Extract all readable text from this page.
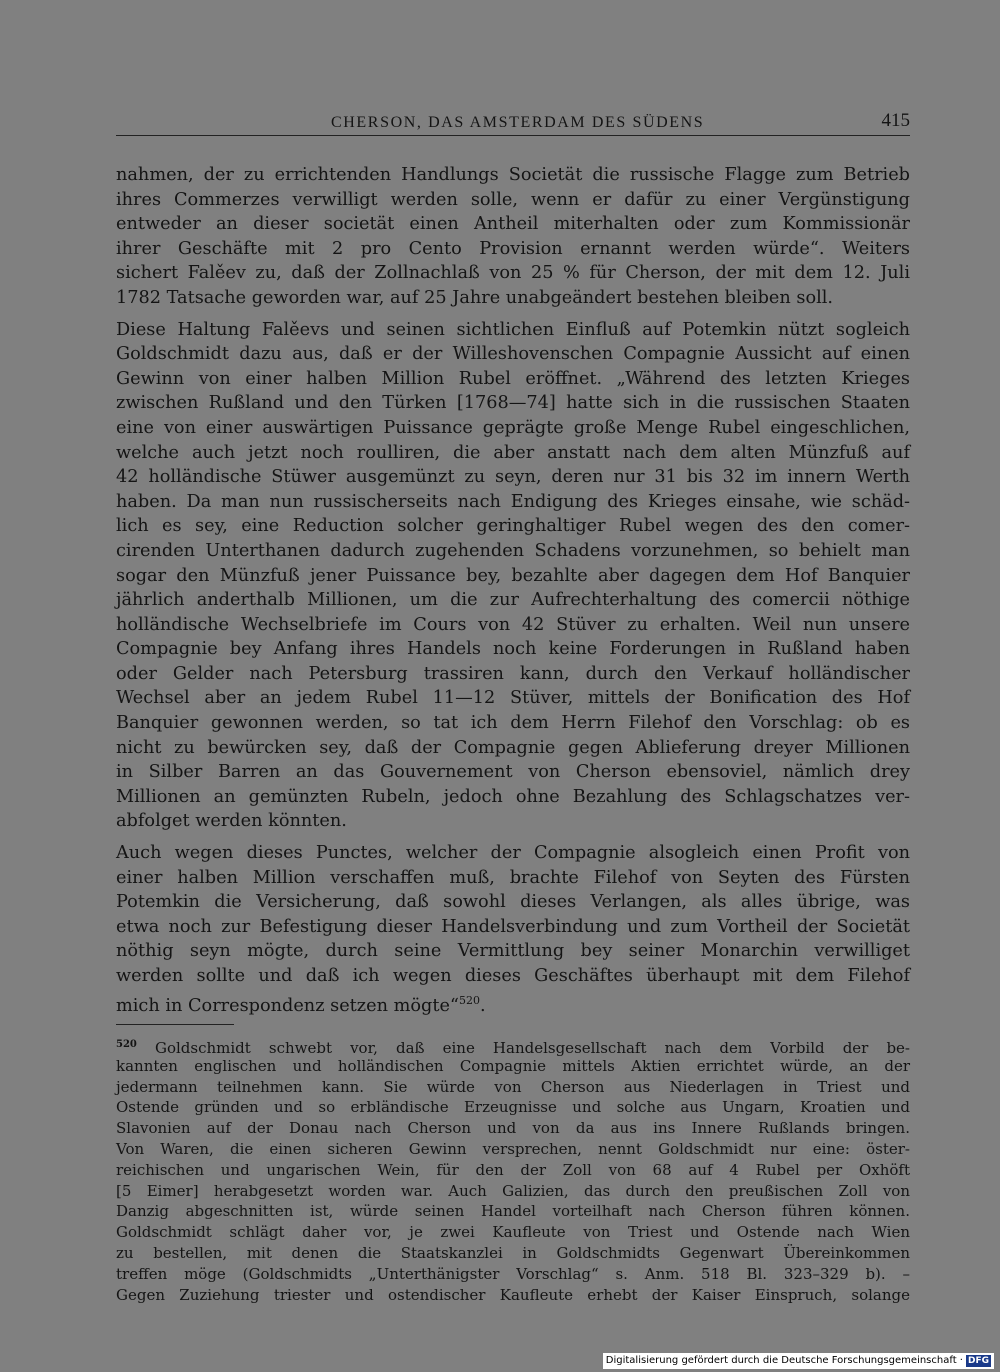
CHERSON, DAS AMSTERDAM DES SÜDENS	415
nahmen, der zu errichtenden Handlungs Societät die russische Flagge zum Betrieb
ihres Commerzes verwilligt werden solle, wenn er dafür zu einer Vergünstigung
entweder an dieser societät einen Antheil miterhalten oder zum Kommissionär
ihrer Geschäfte mit 2 pro Cento Provision ernannt werden würde“. Weiters
sichert Falěev zu, daß der Zollnachlaß von 25 % für Cherson, der mit dem 12. Juli
1782 Tatsache geworden war, auf 25 Jahre unabgeändert bestehen bleiben soll.
Diese Haltung Falěevs und seinen sichtlichen Einfluß auf Potemkin nützt sogleich
Goldschmidt dazu aus, daß er der Willeshovenschen Compagnie Aussicht auf einen
Gewinn von einer halben Million Rubel eröffnet. „Während des letzten Krieges
zwischen Rußland und den Türken [1768—74] hatte sich in die russischen Staaten
eine von einer auswärtigen Puissance geprägte große Menge Rubel eingeschlichen,
welche auch jetzt noch roulliren, die aber anstatt nach dem alten Münzfuß auf
42 holländische Stüwer ausgemünzt zu seyn, deren nur 31 bis 32 im innern Werth
haben. Da man nun russischerseits nach Endigung des Krieges einsahe, wie schäd-
lich es sey, eine Reduction solcher geringhaltiger Rubel wegen des den comer-
cirenden Unterthanen dadurch zugehenden Schadens vorzunehmen, so behielt man
sogar den Münzfuß jener Puissance bey, bezahlte aber dagegen dem Hof Banquier
jährlich anderthalb Millionen, um die zur Aufrechterhaltung des comercii nöthige
holländische Wechselbriefe im Cours von 42 Stüver zu erhalten. Weil nun unsere
Compagnie bey Anfang ihres Handels noch keine Forderungen in Rußland haben
oder Gelder nach Petersburg trassiren kann, durch den Verkauf holländischer
Wechsel aber an jedem Rubel 11—12 Stüver, mittels der Bonification des Hof
Banquier gewonnen werden, so tat ich dem Herrn Filehof den Vorschlag: ob es
nicht zu bewürcken sey, daß der Compagnie gegen Ablieferung dreyer Millionen
in Silber Barren an das Gouvernement von Cherson ebensoviel, nämlich drey
Millionen an gemünzten Rubeln, jedoch ohne Bezahlung des Schlagschatzes ver-
abfolget werden könnten.
Auch wegen dieses Punctes, welcher der Compagnie alsogleich einen Profit von
einer halben Million verschaffen muß, brachte Filehof von Seyten des Fürsten
Potemkin die Versicherung, daß sowohl dieses Verlangen, als alles übrige, was
etwa noch zur Befestigung dieser Handelsverbindung und zum Vortheil der Societät
nöthig seyn mögte, durch seine Vermittlung bey seiner Monarchin verwilliget
werden sollte und daß ich wegen dieses Geschäftes überhaupt mit dem Filehof
mich in Correspondenz setzen mögte“$^{520}$.
$^{520}$ Goldschmidt schwebt vor, daß eine Handelsgesellschaft nach dem Vorbild der be-
kannten englischen und holländischen Compagnie mittels Aktien errichtet würde, an der
jedermann teilnehmen kann. Sie würde von Cherson aus Niederlagen in Triest und
Ostende gründen und so erbländische Erzeugnisse und solche aus Ungarn, Kroatien und
Slavonien auf der Donau nach Cherson und von da aus ins Innere Rußlands bringen.
Von Waren, die einen sicheren Gewinn versprechen, nennt Goldschmidt nur eine: öster-
reichischen und ungarischen Wein, für den der Zoll von 68 auf 4 Rubel per Oxhöft
[5 Eimer] herabgesetzt worden war. Auch Galizien, das durch den preußischen Zoll von
Danzig abgeschnitten ist, würde seinen Handel vorteilhaft nach Cherson führen können.
Goldschmidt schlägt daher vor, je zwei Kaufleute von Triest und Ostende nach Wien
zu bestellen, mit denen die Staatskanzlei in Goldschmidts Gegenwart Übereinkommen
treffen möge (Goldschmidts „Unterthänigster Vorschlag“ s. Anm. 518 Bl. 323–329 b). –
Gegen Zuziehung triester und ostendischer Kaufleute erhebt der Kaiser Einspruch, solange
Digitalisierung gefördert durch die Deutsche Forschungsgemeinschaft · DFG
